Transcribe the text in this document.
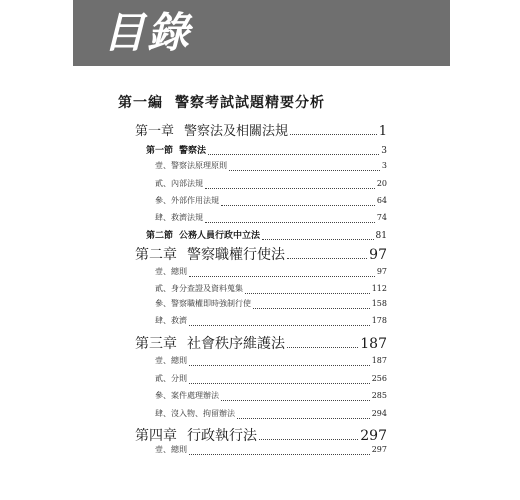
目錄
第一編 警察考試試題精要分析
第一章 警察法及相關法規	1
第一節 警察法	3
壹、警察法原理原則	3
貳、內部法規	20
參、外部作用法規	64
肆、救濟法規	74
第二節 公務人員行政中立法	81
第二章 警察職權行使法	97
壹、總則	97
貳、身分查證及資料蒐集	112
參、警察職權即時強制行使	158
肆、救濟	178
第三章 社會秩序維護法	187
壹、總則	187
貳、分則	256
參、案件處理辦法	285
肆、沒入物、拘留辦法	294
第四章 行政執行法	297
壹、總則	297
